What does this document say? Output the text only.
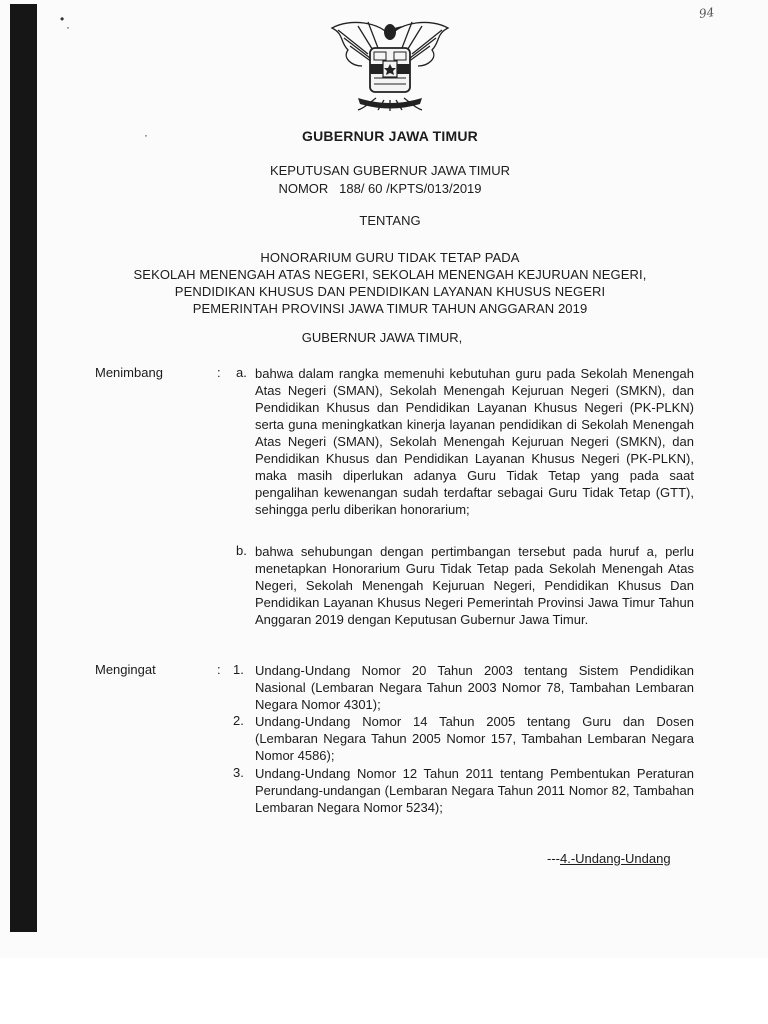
•
·
·
94
GUBERNUR JAWA TIMUR
KEPUTUSAN GUBERNUR JAWA TIMUR
NOMOR   188/ 60 /KPTS/013/2019
TENTANG
HONORARIUM GURU TIDAK TETAP PADA
SEKOLAH MENENGAH ATAS NEGERI, SEKOLAH MENENGAH KEJURUAN NEGERI,
PENDIDIKAN KHUSUS DAN PENDIDIKAN LAYANAN KHUSUS NEGERI
PEMERINTAH PROVINSI JAWA TIMUR TAHUN ANGGARAN 2019
GUBERNUR JAWA TIMUR,
Menimbang	: a. bahwa dalam rangka memenuhi kebutuhan guru pada Sekolah Menengah Atas Negeri (SMAN), Sekolah Menengah Kejuruan Negeri (SMKN), dan Pendidikan Khusus dan Pendidikan Layanan Khusus Negeri (PK-PLKN) serta guna meningkatkan kinerja layanan pendidikan di Sekolah Menengah Atas Negeri (SMAN), Sekolah Menengah Kejuruan Negeri (SMKN), dan Pendidikan Khusus dan Pendidikan Layanan Khusus Negeri (PK-PLKN), maka masih diperlukan adanya Guru Tidak Tetap yang pada saat pengalihan kewenangan sudah terdaftar sebagai Guru Tidak Tetap (GTT), sehingga perlu diberikan honorarium;

b. bahwa sehubungan dengan pertimbangan tersebut pada huruf a, perlu menetapkan Honorarium Guru Tidak Tetap pada Sekolah Menengah Atas Negeri, Sekolah Menengah Kejuruan Negeri, Pendidikan Khusus Dan Pendidikan Layanan Khusus Negeri Pemerintah Provinsi Jawa Timur Tahun Anggaran 2019 dengan Keputusan Gubernur Jawa Timur.

Mengingat	: 1. Undang-Undang Nomor 20 Tahun 2003 tentang Sistem Pendidikan Nasional (Lembaran Negara Tahun 2003 Nomor 78, Tambahan Lembaran Negara Nomor 4301);

2. Undang-Undang Nomor 14 Tahun 2005 tentang Guru dan Dosen (Lembaran Negara Tahun 2005 Nomor 157, Tambahan Lembaran Negara Nomor 4586);

3. Undang-Undang Nomor 12 Tahun 2011 tentang Pembentukan Peraturan Perundang-undangan (Lembaran Negara Tahun 2011 Nomor 82, Tambahan Lembaran Negara Nomor 5234);

---4.-Undang-Undang
